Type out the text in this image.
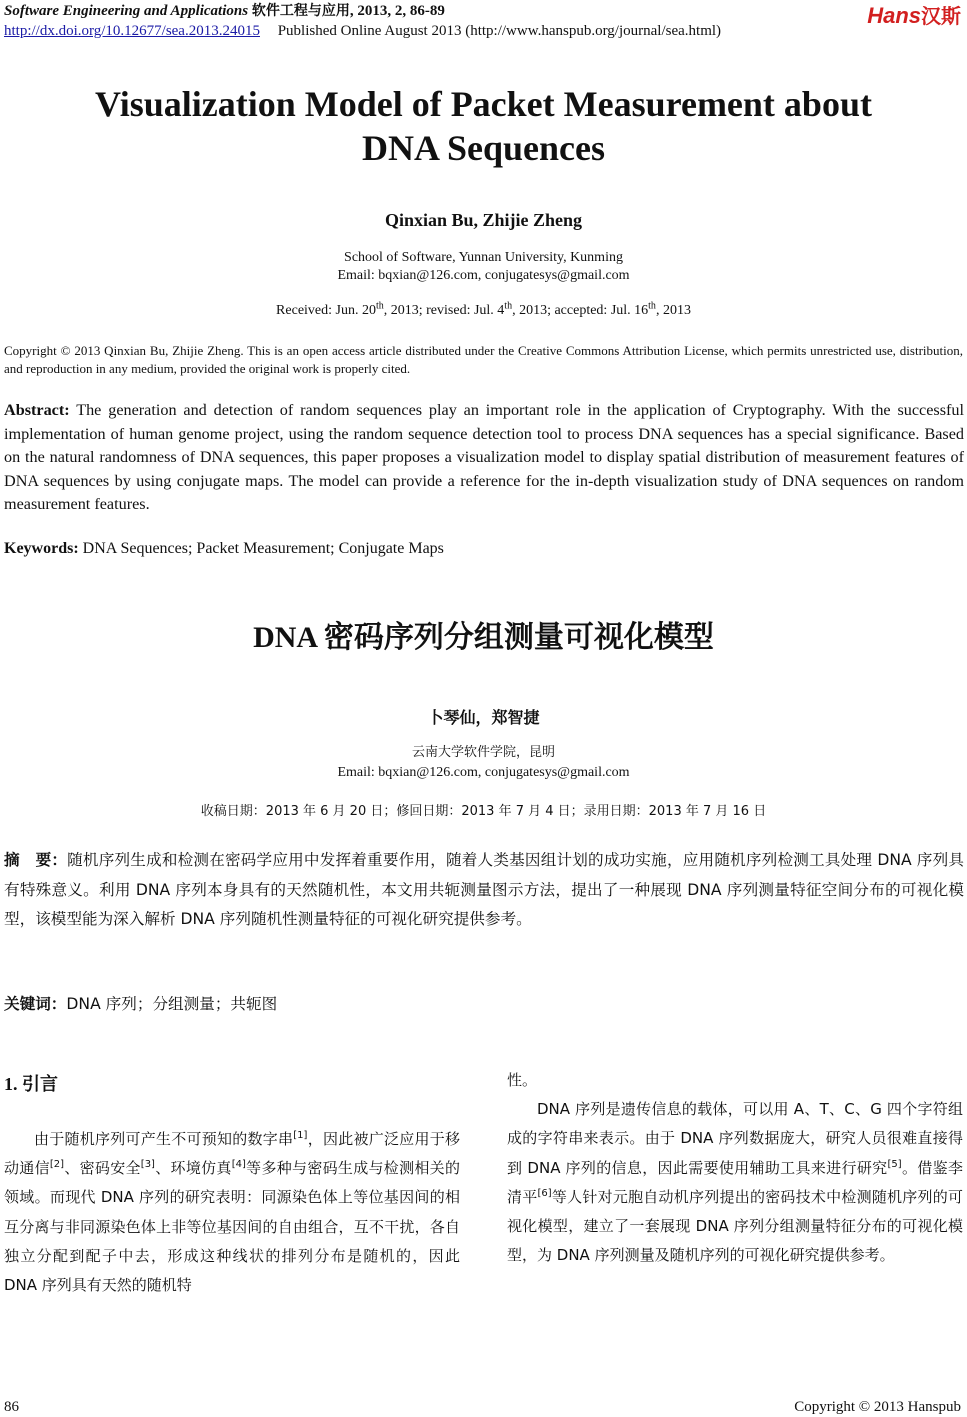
Software Engineering and Applications 软件工程与应用, 2013, 2, 86-89
http://dx.doi.org/10.12677/sea.2013.24015 Published Online August 2013 (http://www.hanspub.org/journal/sea.html)
Hans汉斯
Visualization Model of Packet Measurement about
DNA Sequences
Qinxian Bu, Zhijie Zheng
School of Software, Yunnan University, Kunming
Email: bqxian@126.com, conjugatesys@gmail.com
Received: Jun. 20th, 2013; revised: Jul. 4th, 2013; accepted: Jul. 16th, 2013
Copyright © 2013 Qinxian Bu, Zhijie Zheng. This is an open access article distributed under the Creative Commons Attribution License, which permits unrestricted use, distribution, and reproduction in any medium, provided the original work is properly cited.
Abstract: The generation and detection of random sequences play an important role in the application of Cryptography. With the successful implementation of human genome project, using the random sequence detection tool to process DNA sequences has a special significance. Based on the natural randomness of DNA sequences, this paper proposes a visualization model to display spatial distribution of measurement features of DNA sequences by using conjugate maps. The model can provide a reference for the in-depth visualization study of DNA sequences on random measurement features.
Keywords: DNA Sequences; Packet Measurement; Conjugate Maps
DNA 密码序列分组测量可视化模型
卜琴仙，郑智捷
云南大学软件学院，昆明
Email: bqxian@126.com, conjugatesys@gmail.com
收稿日期：2013 年 6 月 20 日；修回日期：2013 年 7 月 4 日；录用日期：2013 年 7 月 16 日
摘　要：随机序列生成和检测在密码学应用中发挥着重要作用，随着人类基因组计划的成功实施，应用随机序列检测工具处理 DNA 序列具有特殊意义。利用 DNA 序列本身具有的天然随机性，本文用共轭测量图示方法，提出了一种展现 DNA 序列测量特征空间分布的可视化模型，该模型能为深入解析 DNA 序列随机性测量特征的可视化研究提供参考。
关键词：DNA 序列；分组测量；共轭图
1. 引言
由于随机序列可产生不可预知的数字串[1]，因此被广泛应用于移动通信[2]、密码安全[3]、环境仿真[4]等多种与密码生成与检测相关的领域。而现代 DNA 序列的研究表明：同源染色体上等位基因间的相互分离与非同源染色体上非等位基因间的自由组合，互不干扰，各自独立分配到配子中去，形成这种线状的排列分布是随机的，因此 DNA 序列具有天然的随机特
性。
DNA 序列是遗传信息的载体，可以用 A、T、C、G 四个字符组成的字符串来表示。由于 DNA 序列数据庞大，研究人员很难直接得到 DNA 序列的信息，因此需要使用辅助工具来进行研究[5]。借鉴李清平[6]等人针对元胞自动机序列提出的密码技术中检测随机序列的可视化模型，建立了一套展现 DNA 序列分组测量特征分布的可视化模型，为 DNA 序列测量及随机序列的可视化研究提供参考。
86	Copyright © 2013 Hanspub
